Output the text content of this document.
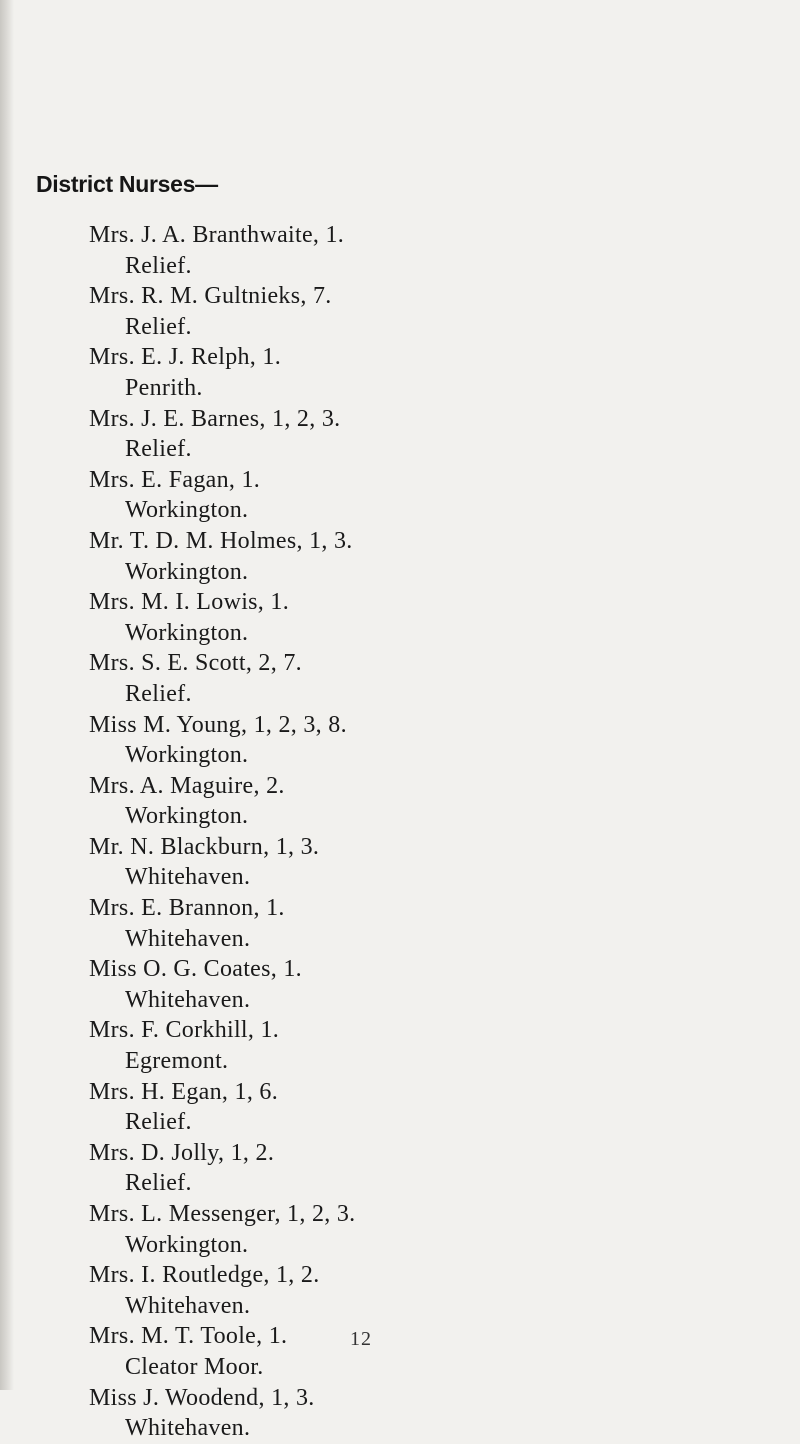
District Nurses—
Mrs. J. A. Branthwaite, 1.
Relief.
Mrs. R. M. Gultnieks, 7.
Relief.
Mrs. E. J. Relph, 1.
Penrith.
Mrs. J. E. Barnes, 1, 2, 3.
Relief.
Mrs. E. Fagan, 1.
Workington.
Mr. T. D. M. Holmes, 1, 3.
Workington.
Mrs. M. I. Lowis, 1.
Workington.
Mrs. S. E. Scott, 2, 7.
Relief.
Miss M. Young, 1, 2, 3, 8.
Workington.
Mrs. A. Maguire, 2.
Workington.
Mr. N. Blackburn, 1, 3.
Whitehaven.
Mrs. E. Brannon, 1.
Whitehaven.
Miss O. G. Coates, 1.
Whitehaven.
Mrs. F. Corkhill, 1.
Egremont.
Mrs. H. Egan, 1, 6.
Relief.
Mrs. D. Jolly, 1, 2.
Relief.
Mrs. L. Messenger, 1, 2, 3.
Workington.
Mrs. I. Routledge, 1, 2.
Whitehaven.
Mrs. M. T. Toole, 1.
Cleator Moor.
Miss J. Woodend, 1, 3.
Whitehaven.
12
